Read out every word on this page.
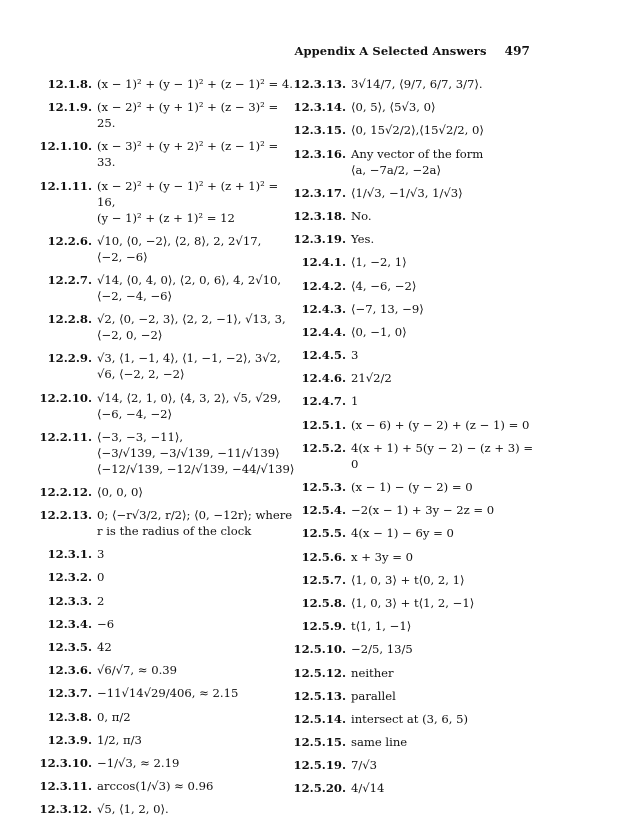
Appendix A Selected Answers 497
12.1.8. (x − 1)² + (y − 1)² + (z − 1)² = 4.
12.1.9. (x − 2)² + (y + 1)² + (z − 3)² = 25.
12.1.10. (x − 3)² + (y + 2)² + (z − 1)² = 33.
12.1.11. (x − 2)² + (y − 1)² + (z + 1)² = 16,
(y − 1)² + (z + 1)² = 12
12.2.6. √10, ⟨0, −2⟩, ⟨2, 8⟩, 2, 2√17,
⟨−2, −6⟩
12.2.7. √14, ⟨0, 4, 0⟩, ⟨2, 0, 6⟩, 4, 2√10,
⟨−2, −4, −6⟩
12.2.8. √2, ⟨0, −2, 3⟩, ⟨2, 2, −1⟩, √13, 3,
⟨−2, 0, −2⟩
12.2.9. √3, ⟨1, −1, 4⟩, ⟨1, −1, −2⟩, 3√2,
√6, ⟨−2, 2, −2⟩
12.2.10. √14, ⟨2, 1, 0⟩, ⟨4, 3, 2⟩, √5, √29,
⟨−6, −4, −2⟩
12.2.11. ⟨−3, −3, −11⟩,
⟨−3/√139, −3/√139, −11/√139⟩
⟨−12/√139, −12/√139, −44/√139⟩
12.2.12. ⟨0, 0, 0⟩
12.2.13. 0; ⟨−r√3/2, r/2⟩; ⟨0, −12r⟩; where
r is the radius of the clock
12.3.1. 3
12.3.2. 0
12.3.3. 2
12.3.4. −6
12.3.5. 42
12.3.6. √6/√7, ≈ 0.39
12.3.7. −11√14√29/406, ≈ 2.15
12.3.8. 0, π/2
12.3.9. 1/2, π/3
12.3.10. −1/√3, ≈ 2.19
12.3.11. arccos(1/√3) ≈ 0.96
12.3.12. √5, ⟨1, 2, 0⟩.
12.3.13. 3√14/7, ⟨9/7, 6/7, 3/7⟩.
12.3.14. ⟨0, 5⟩, ⟨5√3, 0⟩
12.3.15. ⟨0, 15√2/2⟩,⟨15√2/2, 0⟩
12.3.16. Any vector of the form
⟨a, −7a/2, −2a⟩
12.3.17. ⟨1/√3, −1/√3, 1/√3⟩
12.3.18. No.
12.3.19. Yes.
12.4.1. ⟨1, −2, 1⟩
12.4.2. ⟨4, −6, −2⟩
12.4.3. ⟨−7, 13, −9⟩
12.4.4. ⟨0, −1, 0⟩
12.4.5. 3
12.4.6. 21√2/2
12.4.7. 1
12.5.1. (x − 6) + (y − 2) + (z − 1) = 0
12.5.2. 4(x + 1) + 5(y − 2) − (z + 3) = 0
12.5.3. (x − 1) − (y − 2) = 0
12.5.4. −2(x − 1) + 3y − 2z = 0
12.5.5. 4(x − 1) − 6y = 0
12.5.6. x + 3y = 0
12.5.7. ⟨1, 0, 3⟩ + t⟨0, 2, 1⟩
12.5.8. ⟨1, 0, 3⟩ + t⟨1, 2, −1⟩
12.5.9. t⟨1, 1, −1⟩
12.5.10. −2/5, 13/5
12.5.12. neither
12.5.13. parallel
12.5.14. intersect at (3, 6, 5)
12.5.15. same line
12.5.19. 7/√3
12.5.20. 4/√14
